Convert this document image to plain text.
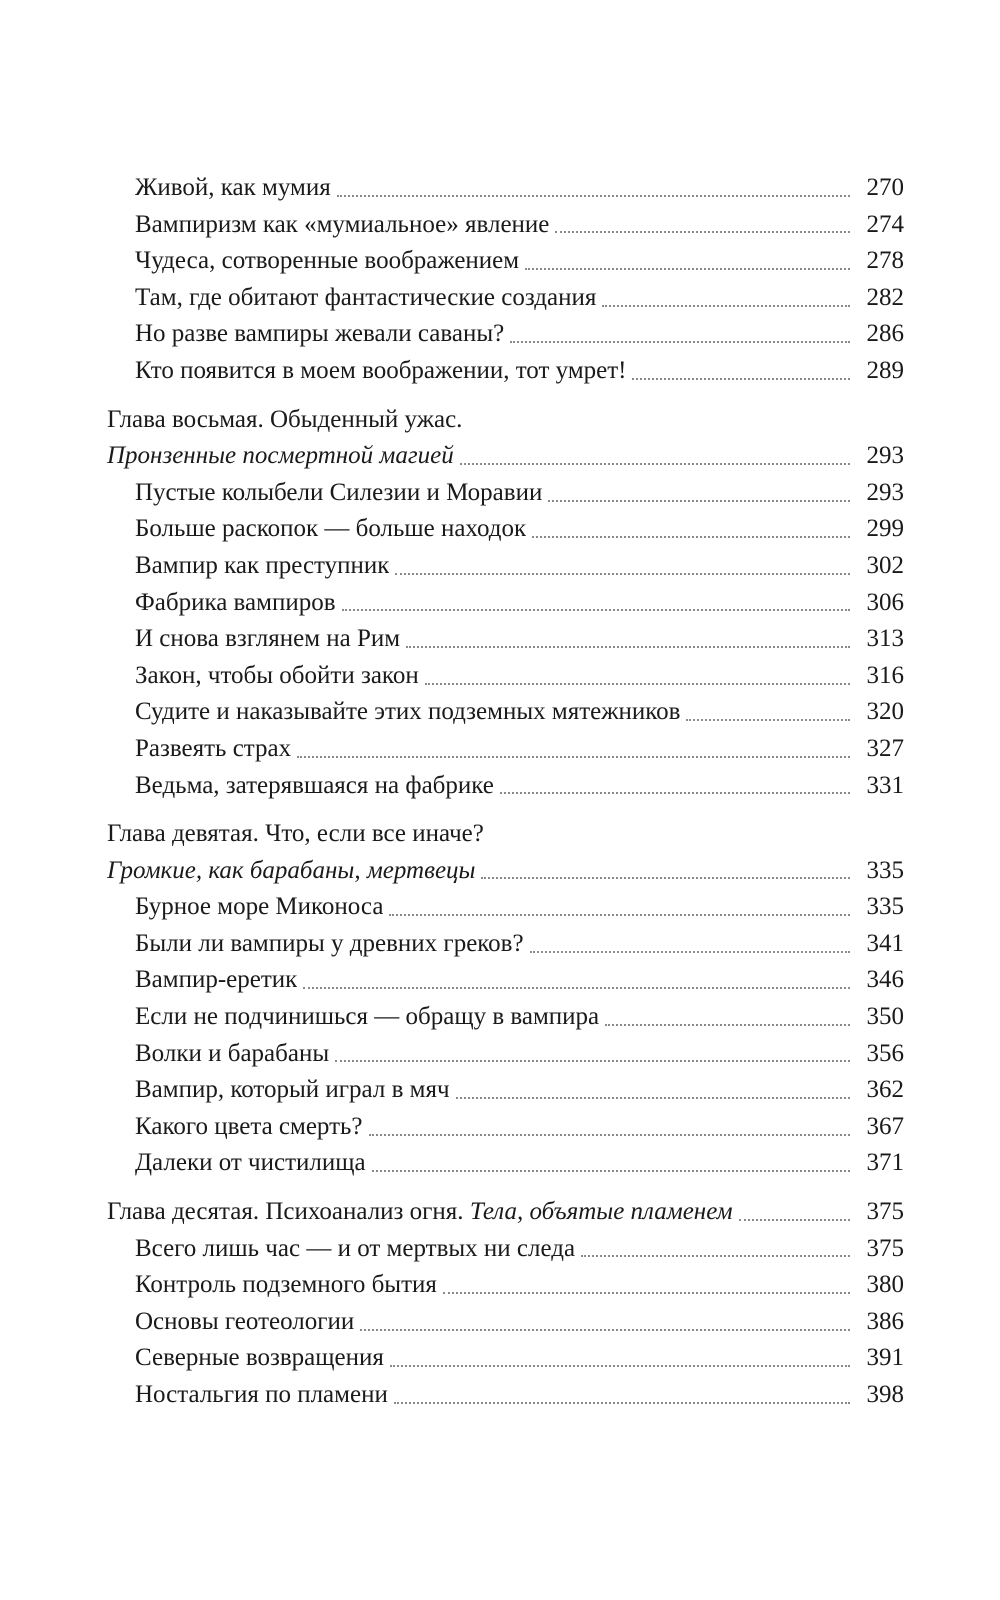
Живой, как мумия	270
Вампиризм как «мумиальное» явление	274
Чудеса, сотворенные воображением	278
Там, где обитают фантастические создания	282
Но разве вампиры жевали саваны?	286
Кто появится в моем воображении, тот умрет!	289
Глава восьмая. Обыденный ужас.
Пронзенные посмертной магией	293
Пустые колыбели Силезии и Моравии	293
Больше раскопок — больше находок	299
Вампир как преступник	302
Фабрика вампиров	306
И снова взглянем на Рим	313
Закон, чтобы обойти закон	316
Судите и наказывайте этих подземных мятежников	320
Развеять страх	327
Ведьма, затерявшаяся на фабрике	331
Глава девятая. Что, если все иначе?
Громкие, как барабаны, мертвецы	335
Бурное море Миконоса	335
Были ли вампиры у древних греков?	341
Вампир-еретик	346
Если не подчинишься — обращу в вампира	350
Волки и барабаны	356
Вампир, который играл в мяч	362
Какого цвета смерть?	367
Далеки от чистилища	371
Глава десятая. Психоанализ огня. Тела, объятые пламенем	375
Всего лишь час — и от мертвых ни следа	375
Контроль подземного бытия	380
Основы геотеологии	386
Северные возвращения	391
Ностальгия по пламени	398
